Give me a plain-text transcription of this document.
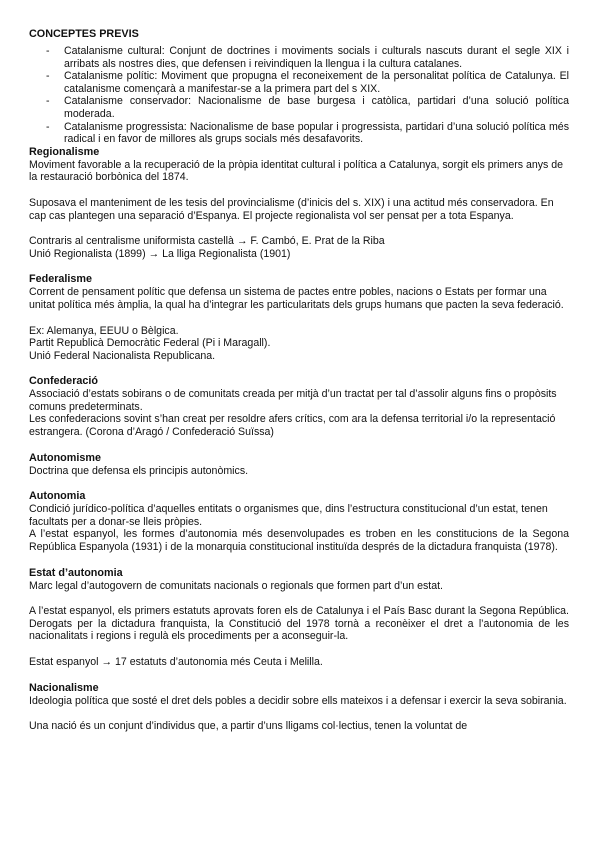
CONCEPTES PREVIS
- Catalanisme cultural: Conjunt de doctrines i moviments socials i culturals nascuts durant el segle XIX i arribats als nostres dies, que defensen i reivindiquen la llengua i la cultura catalanes.
- Catalanisme polític: Moviment que propugna el reconeixement de la personalitat política de Catalunya. El catalanisme començarà a manifestar-se a la primera part del s XIX.
- Catalanisme conservador: Nacionalisme de base burgesa i catòlica, partidari d’una solució política moderada.
- Catalanisme progressista: Nacionalisme de base popular i progressista, partidari d’una solució política més radical i en favor de millores als grups socials més desafavorits.
Regionalisme

Moviment favorable a la recuperació de la pròpia identitat cultural i política a Catalunya, sorgit els primers anys de la restauració borbònica del 1874.

Suposava el manteniment de les tesis del provincialisme (d’inicis del s. XIX) i una actitud més conservadora. En cap cas plantegen una separació d’Espanya. El projecte regionalista vol ser pensat per a tota Espanya.

Contraris al centralisme uniformista castellà → F. Cambó, E. Prat de la Riba

Unió Regionalista (1899) → La lliga Regionalista (1901)

Federalisme

Corrent de pensament polític que defensa un sistema de pactes entre pobles, nacions o Estats per formar una unitat política més àmplia, la qual ha d’integrar les particularitats dels grups humans que pacten la seva federació.

Ex: Alemanya, EEUU o Bèlgica.

Partit Republicà Democràtic Federal (Pi i Maragall).

Unió Federal Nacionalista Republicana.

Confederació

Associació d’estats sobirans o de comunitats creada per mitjà d’un tractat per tal d’assolir alguns fins o propòsits comuns predeterminats.

Les confederacions sovint s’han creat per resoldre afers crítics, com ara la defensa territorial i/o la representació estrangera. (Corona d’Aragó / Confederació Suïssa)

Autonomisme

Doctrina que defensa els principis autonòmics.

Autonomia

Condició jurídico-política d’aquelles entitats o organismes que, dins l’estructura constitucional d’un estat, tenen facultats per a donar-se lleis pròpies.

A l’estat espanyol, les formes d’autonomia més desenvolupades es troben en les constitucions de la Segona República Espanyola (1931) i de la monarquia constitucional instituïda després de la dictadura franquista (1978).

Estat d’autonomia

Marc legal d’autogovern de comunitats nacionals o regionals que formen part d’un estat.

A l’estat espanyol, els primers estatuts aprovats foren els de Catalunya i el País Basc durant la Segona República. Derogats per la dictadura franquista, la Constitució del 1978 tornà a reconèixer el dret a l’autonomia de les nacionalitats i regions i regulà els procediments per a aconseguir-la.

Estat espanyol → 17 estatuts d’autonomia més Ceuta i Melilla.

Nacionalisme

Ideologia política que sosté el dret dels pobles a decidir sobre ells mateixos i a defensar i exercir la seva sobirania.

Una nació és un conjunt d’individus que, a partir d’uns lligams col·lectius, tenen la voluntat de
